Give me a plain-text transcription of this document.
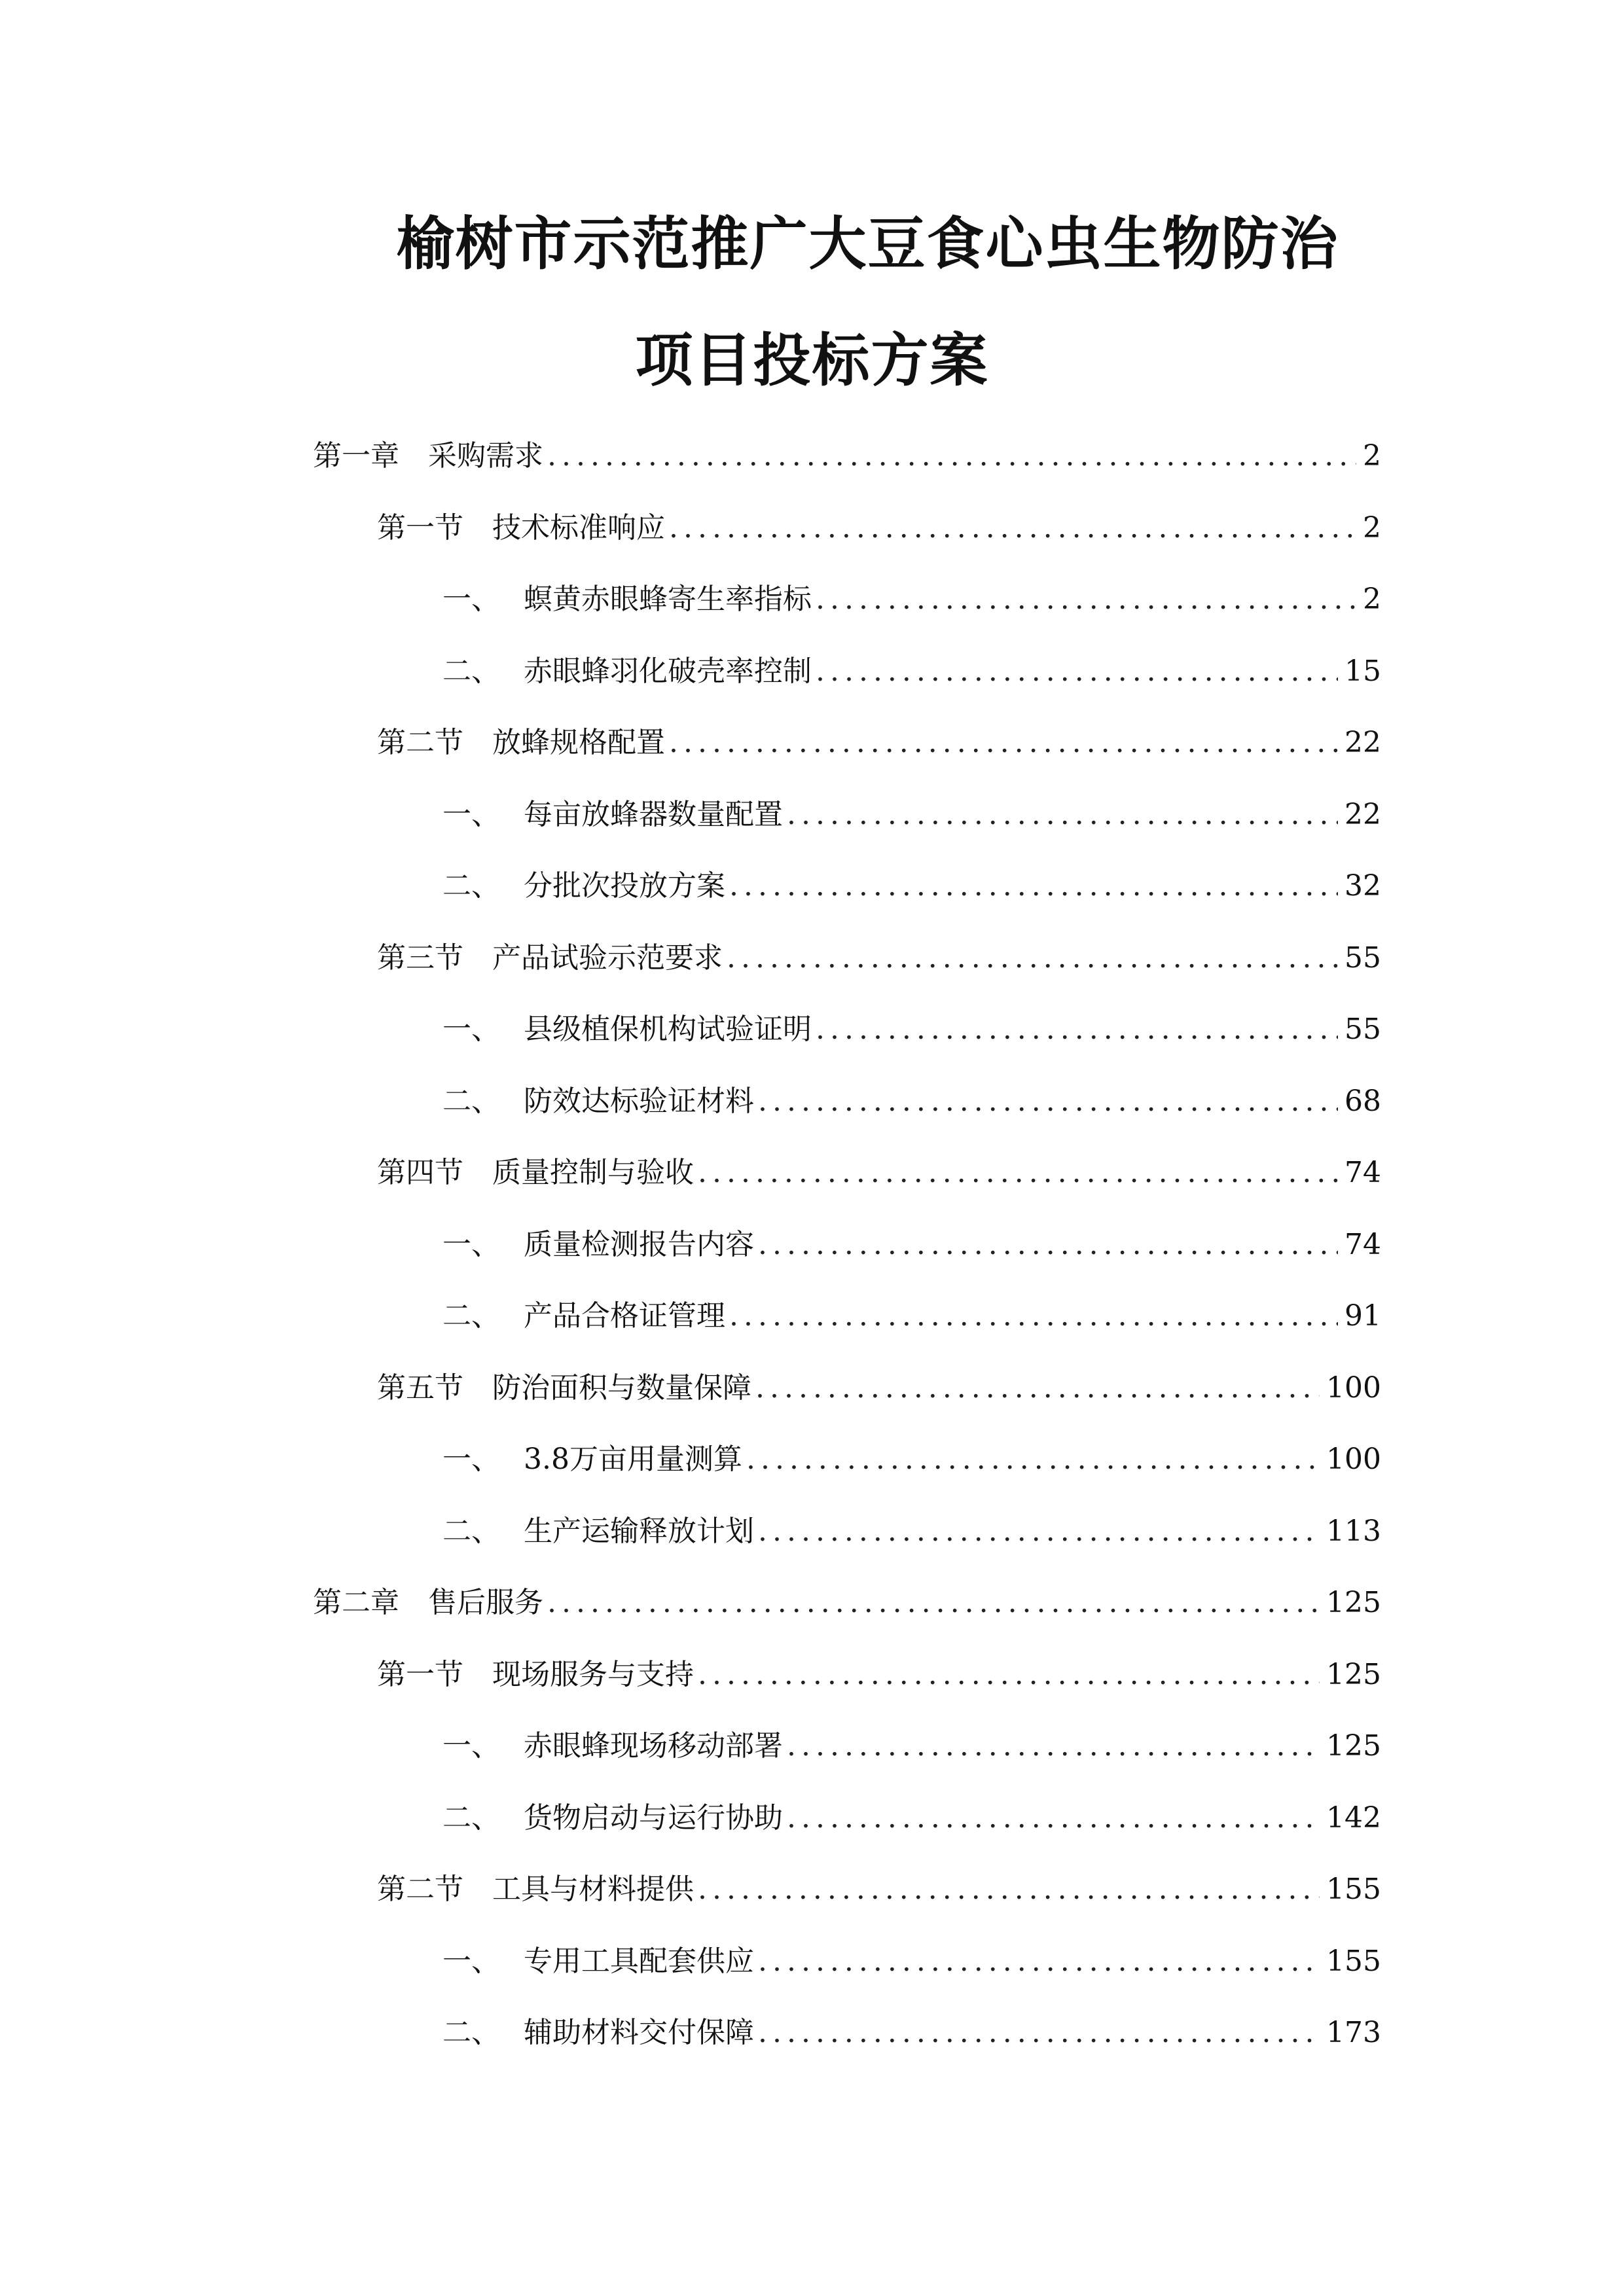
榆树市示范推广大豆食心虫生物防治
项目投标方案
第一章	采购需求 .....	2
第一节	技术标准响应 .....	2
一、 螟黄赤眼蜂寄生率指标 .....	2
二、 赤眼蜂羽化破壳率控制 .....	15
第二节	放蜂规格配置 .....	22
一、 每亩放蜂器数量配置 .....	22
二、 分批次投放方案 .....	32
第三节	产品试验示范要求 .....	55
一、 县级植保机构试验证明 .....	55
二、 防效达标验证材料 .....	68
第四节	质量控制与验收 .....	74
一、 质量检测报告内容 .....	74
二、 产品合格证管理 .....	91
第五节	防治面积与数量保障 .....	100
一、 3.8万亩用量测算 .....	100
二、 生产运输释放计划 .....	113
第二章	售后服务 .....	125
第一节	现场服务与支持 .....	125
一、 赤眼蜂现场移动部署 .....	125
二、 货物启动与运行协助 .....	142
第二节	工具与材料提供 .....	155
一、 专用工具配套供应 .....	155
二、 辅助材料交付保障 .....	173
